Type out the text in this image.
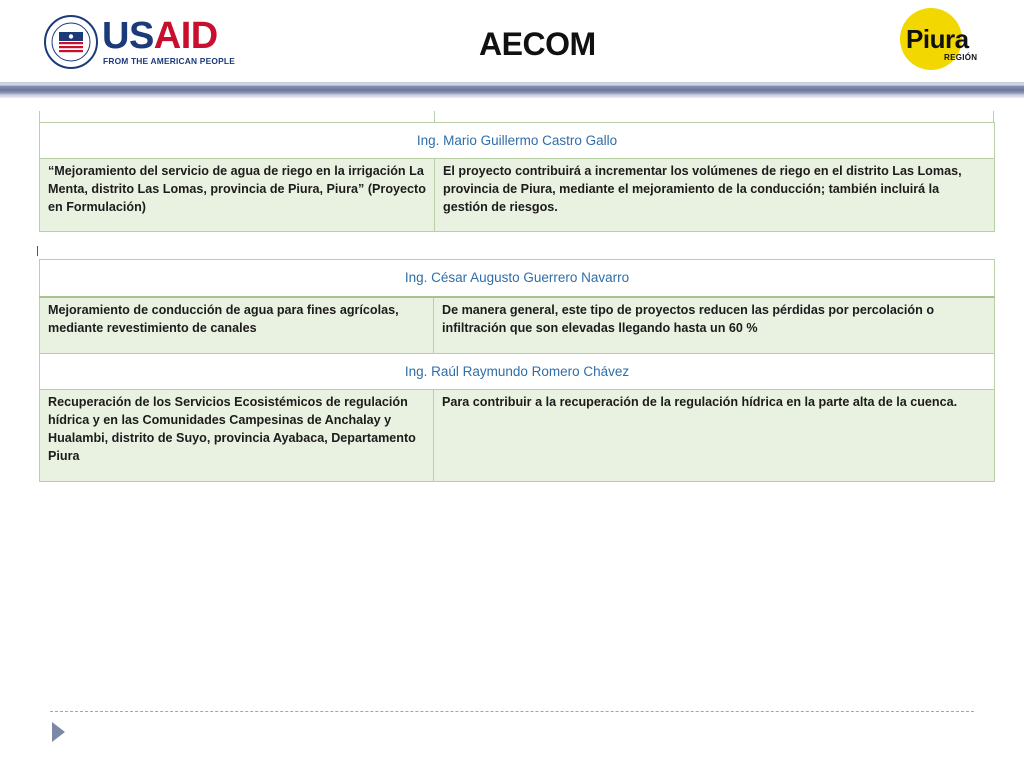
USAID
FROM THE AMERICAN PEOPLE	AECOM	Piura
REGIÓN
Ing. Mario Guillermo Castro Gallo
“Mejoramiento del servicio de agua de riego en la irrigación La Menta, distrito Las Lomas, provincia de Piura, Piura” (Proyecto en Formulación)	El proyecto contribuirá a incrementar los volúmenes de riego en el distrito Las Lomas, provincia de Piura, mediante el mejoramiento de la conducción; también incluirá la gestión de riesgos.
Ing. César Augusto Guerrero Navarro	
Mejoramiento de conducción de agua para fines agrícolas, mediante revestimiento de canales	De manera general, este tipo de proyectos reducen las pérdidas por percolación o infiltración que son elevadas llegando hasta un 60 %
Ing. Raúl Raymundo Romero Chávez	
Recuperación de los Servicios Ecosistémicos de regulación hídrica y en las Comunidades Campesinas de Anchalay y Hualambi, distrito de Suyo, provincia Ayabaca, Departamento Piura	Para contribuir a la recuperación de la regulación hídrica en la parte alta de la cuenca.
